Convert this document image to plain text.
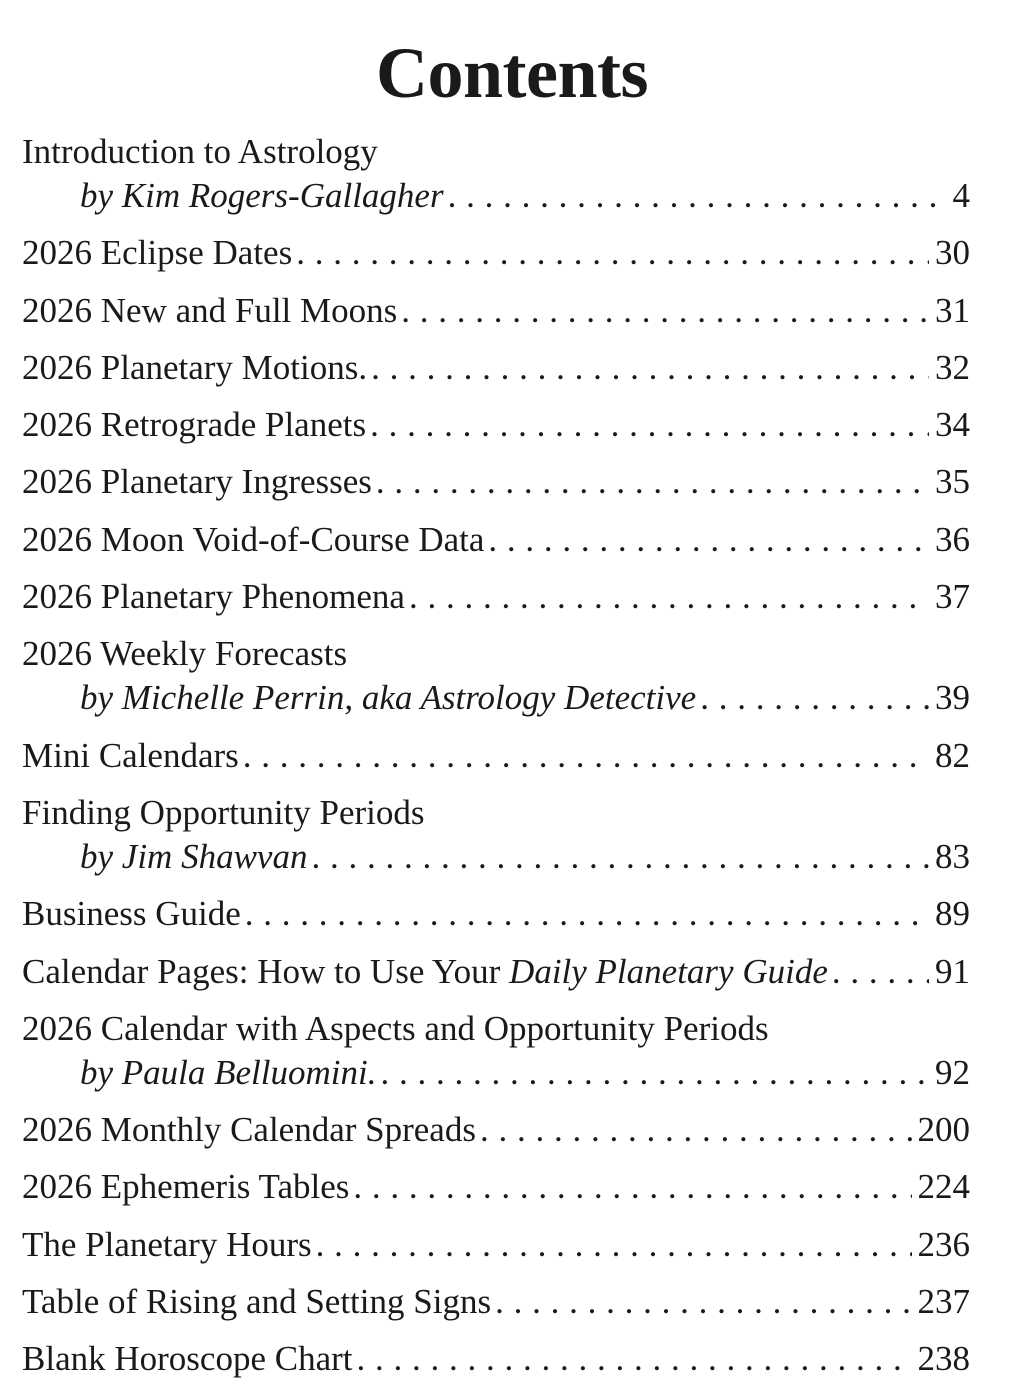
Contents
Introduction to Astrology
by Kim Rogers-Gallagher . . .	4
2026 Eclipse Dates . . .	30
2026 New and Full Moons . . .	31
2026 Planetary Motions. . . .	32
2026 Retrograde Planets . . .	34
2026 Planetary Ingresses . . .	35
2026 Moon Void-of-Course Data . . .	36
2026 Planetary Phenomena . . .	37
2026 Weekly Forecasts
by Michelle Perrin, aka Astrology Detective . . .	39
Mini Calendars . . .	82
Finding Opportunity Periods
by Jim Shawvan . . .	83
Business Guide . . .	89
Calendar Pages: How to Use Your Daily Planetary Guide . . .	91
2026 Calendar with Aspects and Opportunity Periods
by Paula Belluomini. . . .	92
2026 Monthly Calendar Spreads . . .	200
2026 Ephemeris Tables . . .	224
The Planetary Hours . . .	236
Table of Rising and Setting Signs . . .	237
Blank Horoscope Chart . . .	238
